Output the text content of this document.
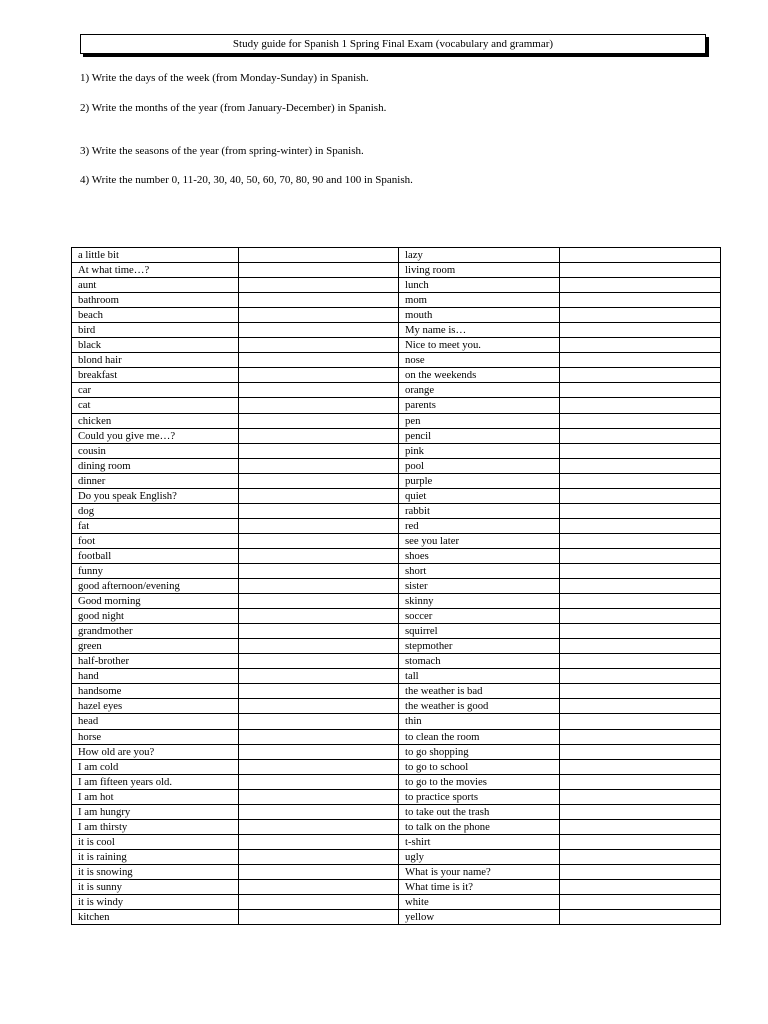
Study guide for Spanish 1 Spring Final Exam (vocabulary and grammar)
1) Write the days of the week (from Monday-Sunday) in Spanish.
2) Write the months of the year (from January-December) in Spanish.
3) Write the seasons of the year (from spring-winter) in Spanish.
4) Write the number 0, 11-20, 30, 40, 50, 60, 70, 80, 90 and 100 in Spanish.
a little bit		lazy	
At what time…?		living room	
aunt		lunch	
bathroom		mom	
beach		mouth	
bird		My name is…	
black		Nice to meet you.	
blond hair		nose	
breakfast		on the weekends	
car		orange	
cat		parents	
chicken		pen	
Could you give me…?		pencil	
cousin		pink	
dining room		pool	
dinner		purple	
Do you speak English?		quiet	
dog		rabbit	
fat		red	
foot		see you later	
football		shoes	
funny		short	
good afternoon/evening		sister	
Good morning		skinny	
good night		soccer	
grandmother		squirrel	
green		stepmother	
half-brother		stomach	
hand		tall	
handsome		the weather is bad	
hazel eyes		the weather is good	
head		thin	
horse		to clean the room	
How old are you?		to go shopping	
I am cold		to go to school	
I am fifteen years old.		to go to the movies	
I am hot		to practice sports	
I am hungry		to take out the trash	
I am thirsty		to talk on the phone	
it is cool		t-shirt	
it is raining		ugly	
it is snowing		What is your name?	
it is sunny		What time is it?	
it is windy		white	
kitchen		yellow	
